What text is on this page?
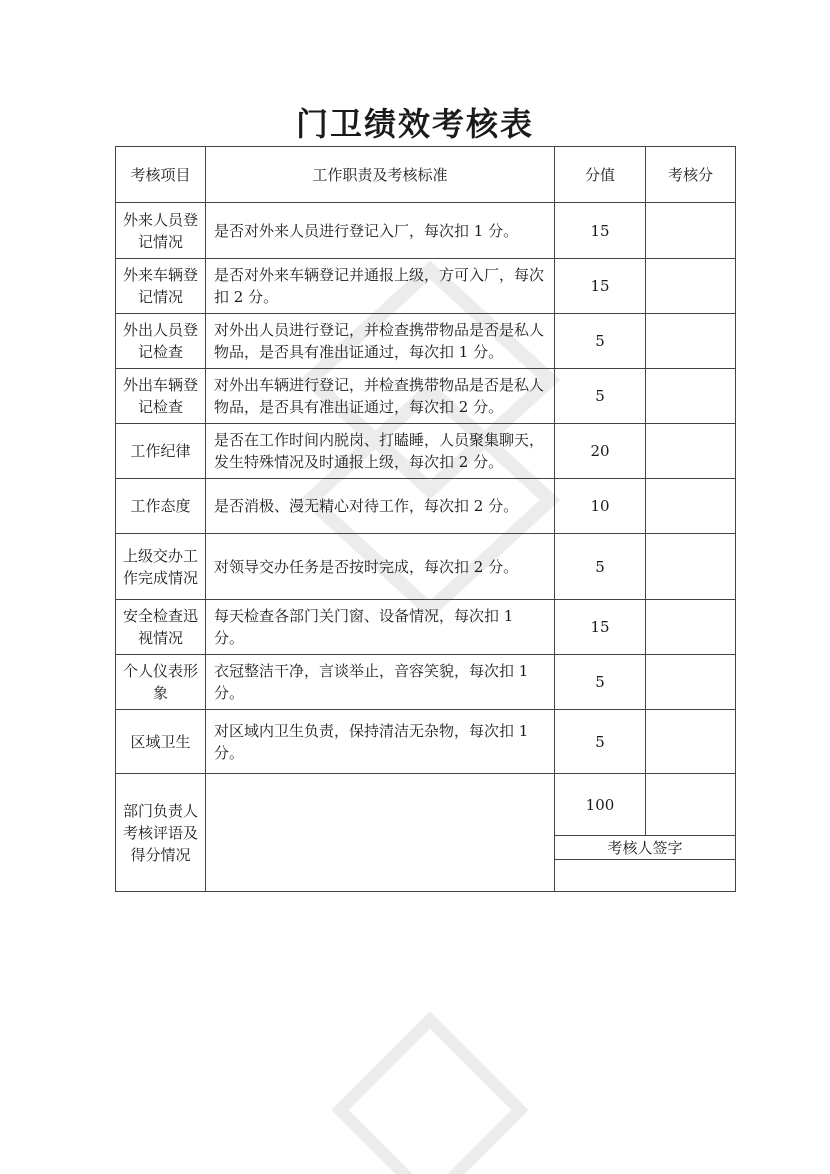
门卫绩效考核表
考核项目	工作职责及考核标准	分值	考核分
外来人员登记情况	是否对外来人员进行登记入厂，每次扣 1 分。	15	
外来车辆登记情况	是否对外来车辆登记并通报上级，方可入厂，每次扣 2 分。	15	
外出人员登记检查	对外出人员进行登记，并检查携带物品是否是私人物品，是否具有准出证通过，每次扣 1 分。	5	
外出车辆登记检查	对外出车辆进行登记，并检查携带物品是否是私人物品，是否具有准出证通过，每次扣 2 分。	5	
工作纪律	是否在工作时间内脱岗、打瞌睡，人员聚集聊天，发生特殊情况及时通报上级，每次扣 2 分。	20	
工作态度	是否消极、漫无精心对待工作，每次扣 2 分。	10	
上级交办工作完成情况	对领导交办任务是否按时完成，每次扣 2 分。	5	
安全检查迅视情况	每天检查各部门关门窗、设备情况，每次扣 1 分。	15	
个人仪表形象	衣冠整洁干净，言谈举止，音容笑貌，每次扣 1 分。	5	
区域卫生	对区域内卫生负责，保持清洁无杂物，每次扣 1 分。	5	
部门负责人考核评语及得分情况		100	
		考核人签字	
